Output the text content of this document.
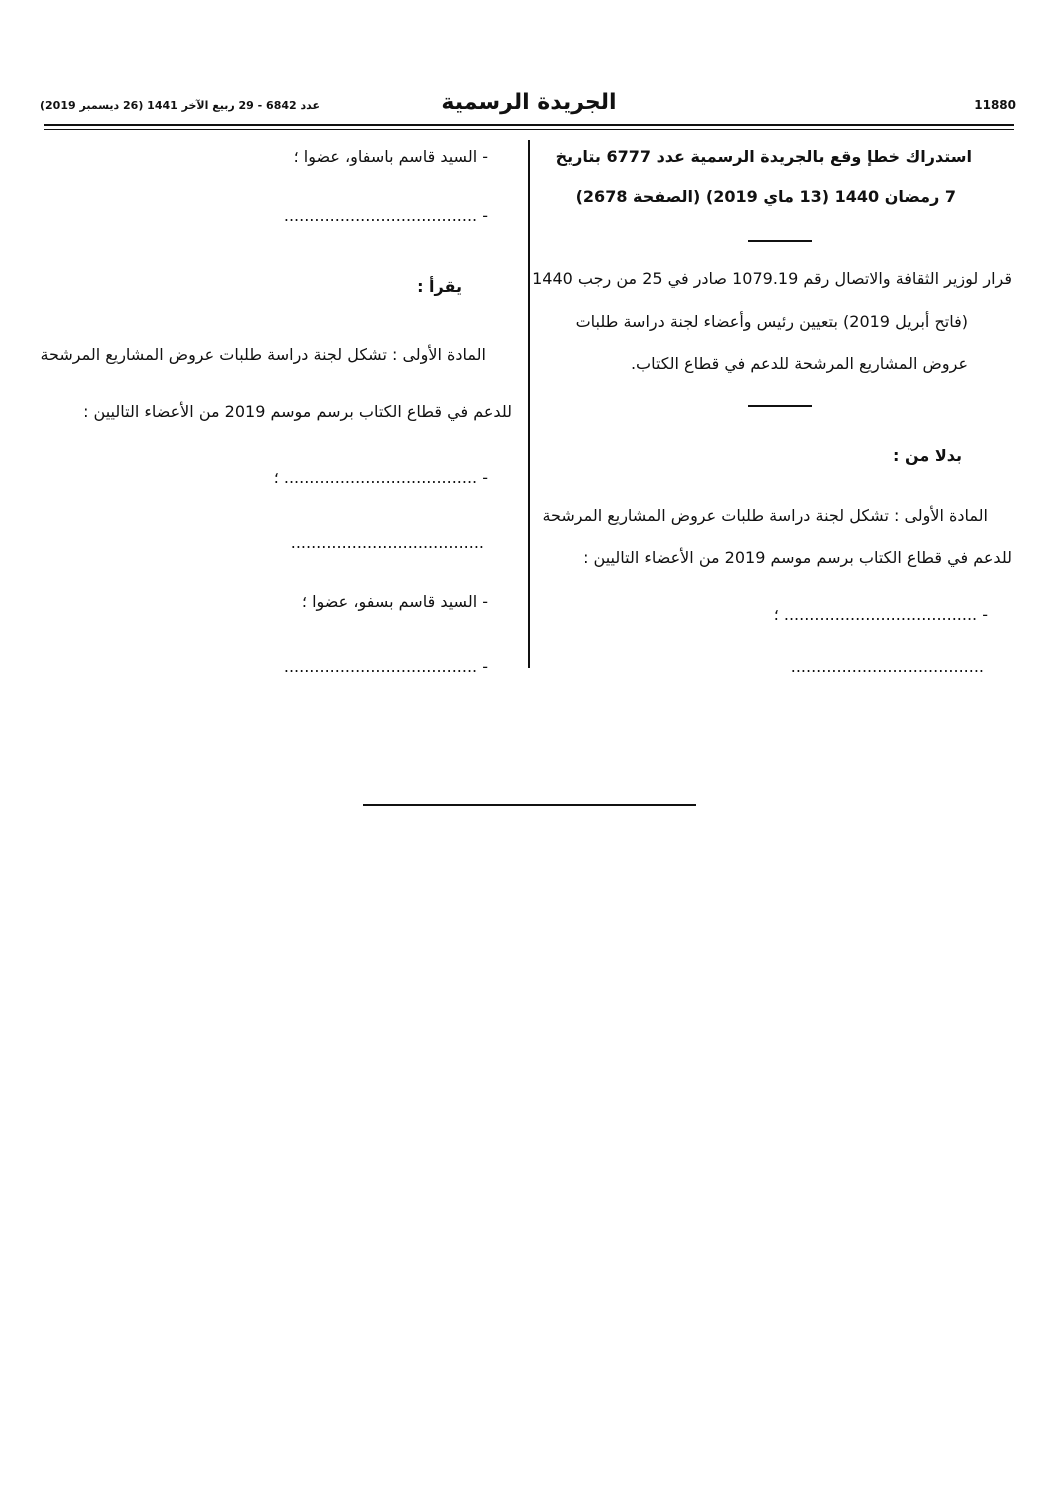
11880
الجريدة الرسمية
عدد 6842 - 29 ربيع الآخر 1441 (26 ديسمبر 2019)
استدراك خطإ وقع بالجريدة الرسمية عدد 6777 بتاريخ
7 رمضان 1440 (13 ماي 2019) (الصفحة 2678)
قرار لوزير الثقافة والاتصال رقم 1079.19 صادر في 25 من رجب 1440
(فاتح أبريل 2019) بتعيين رئيس وأعضاء لجنة دراسة طلبات
عروض المشاريع المرشحة للدعم في قطاع الكتاب.
بدلا من :
المادة الأولى : تشكل لجنة دراسة طلبات عروض المشاريع المرشحة
للدعم في قطاع الكتاب برسم موسم 2019 من الأعضاء التاليين :
- ...................................... ؛
......................................
- السيد قاسم باسفاو، عضوا ؛
- ......................................
يقرأ :
المادة الأولى : تشكل لجنة دراسة طلبات عروض المشاريع المرشحة
للدعم في قطاع الكتاب برسم موسم 2019 من الأعضاء التاليين :
- ...................................... ؛
......................................
- السيد قاسم بسفو، عضوا ؛
- ......................................
